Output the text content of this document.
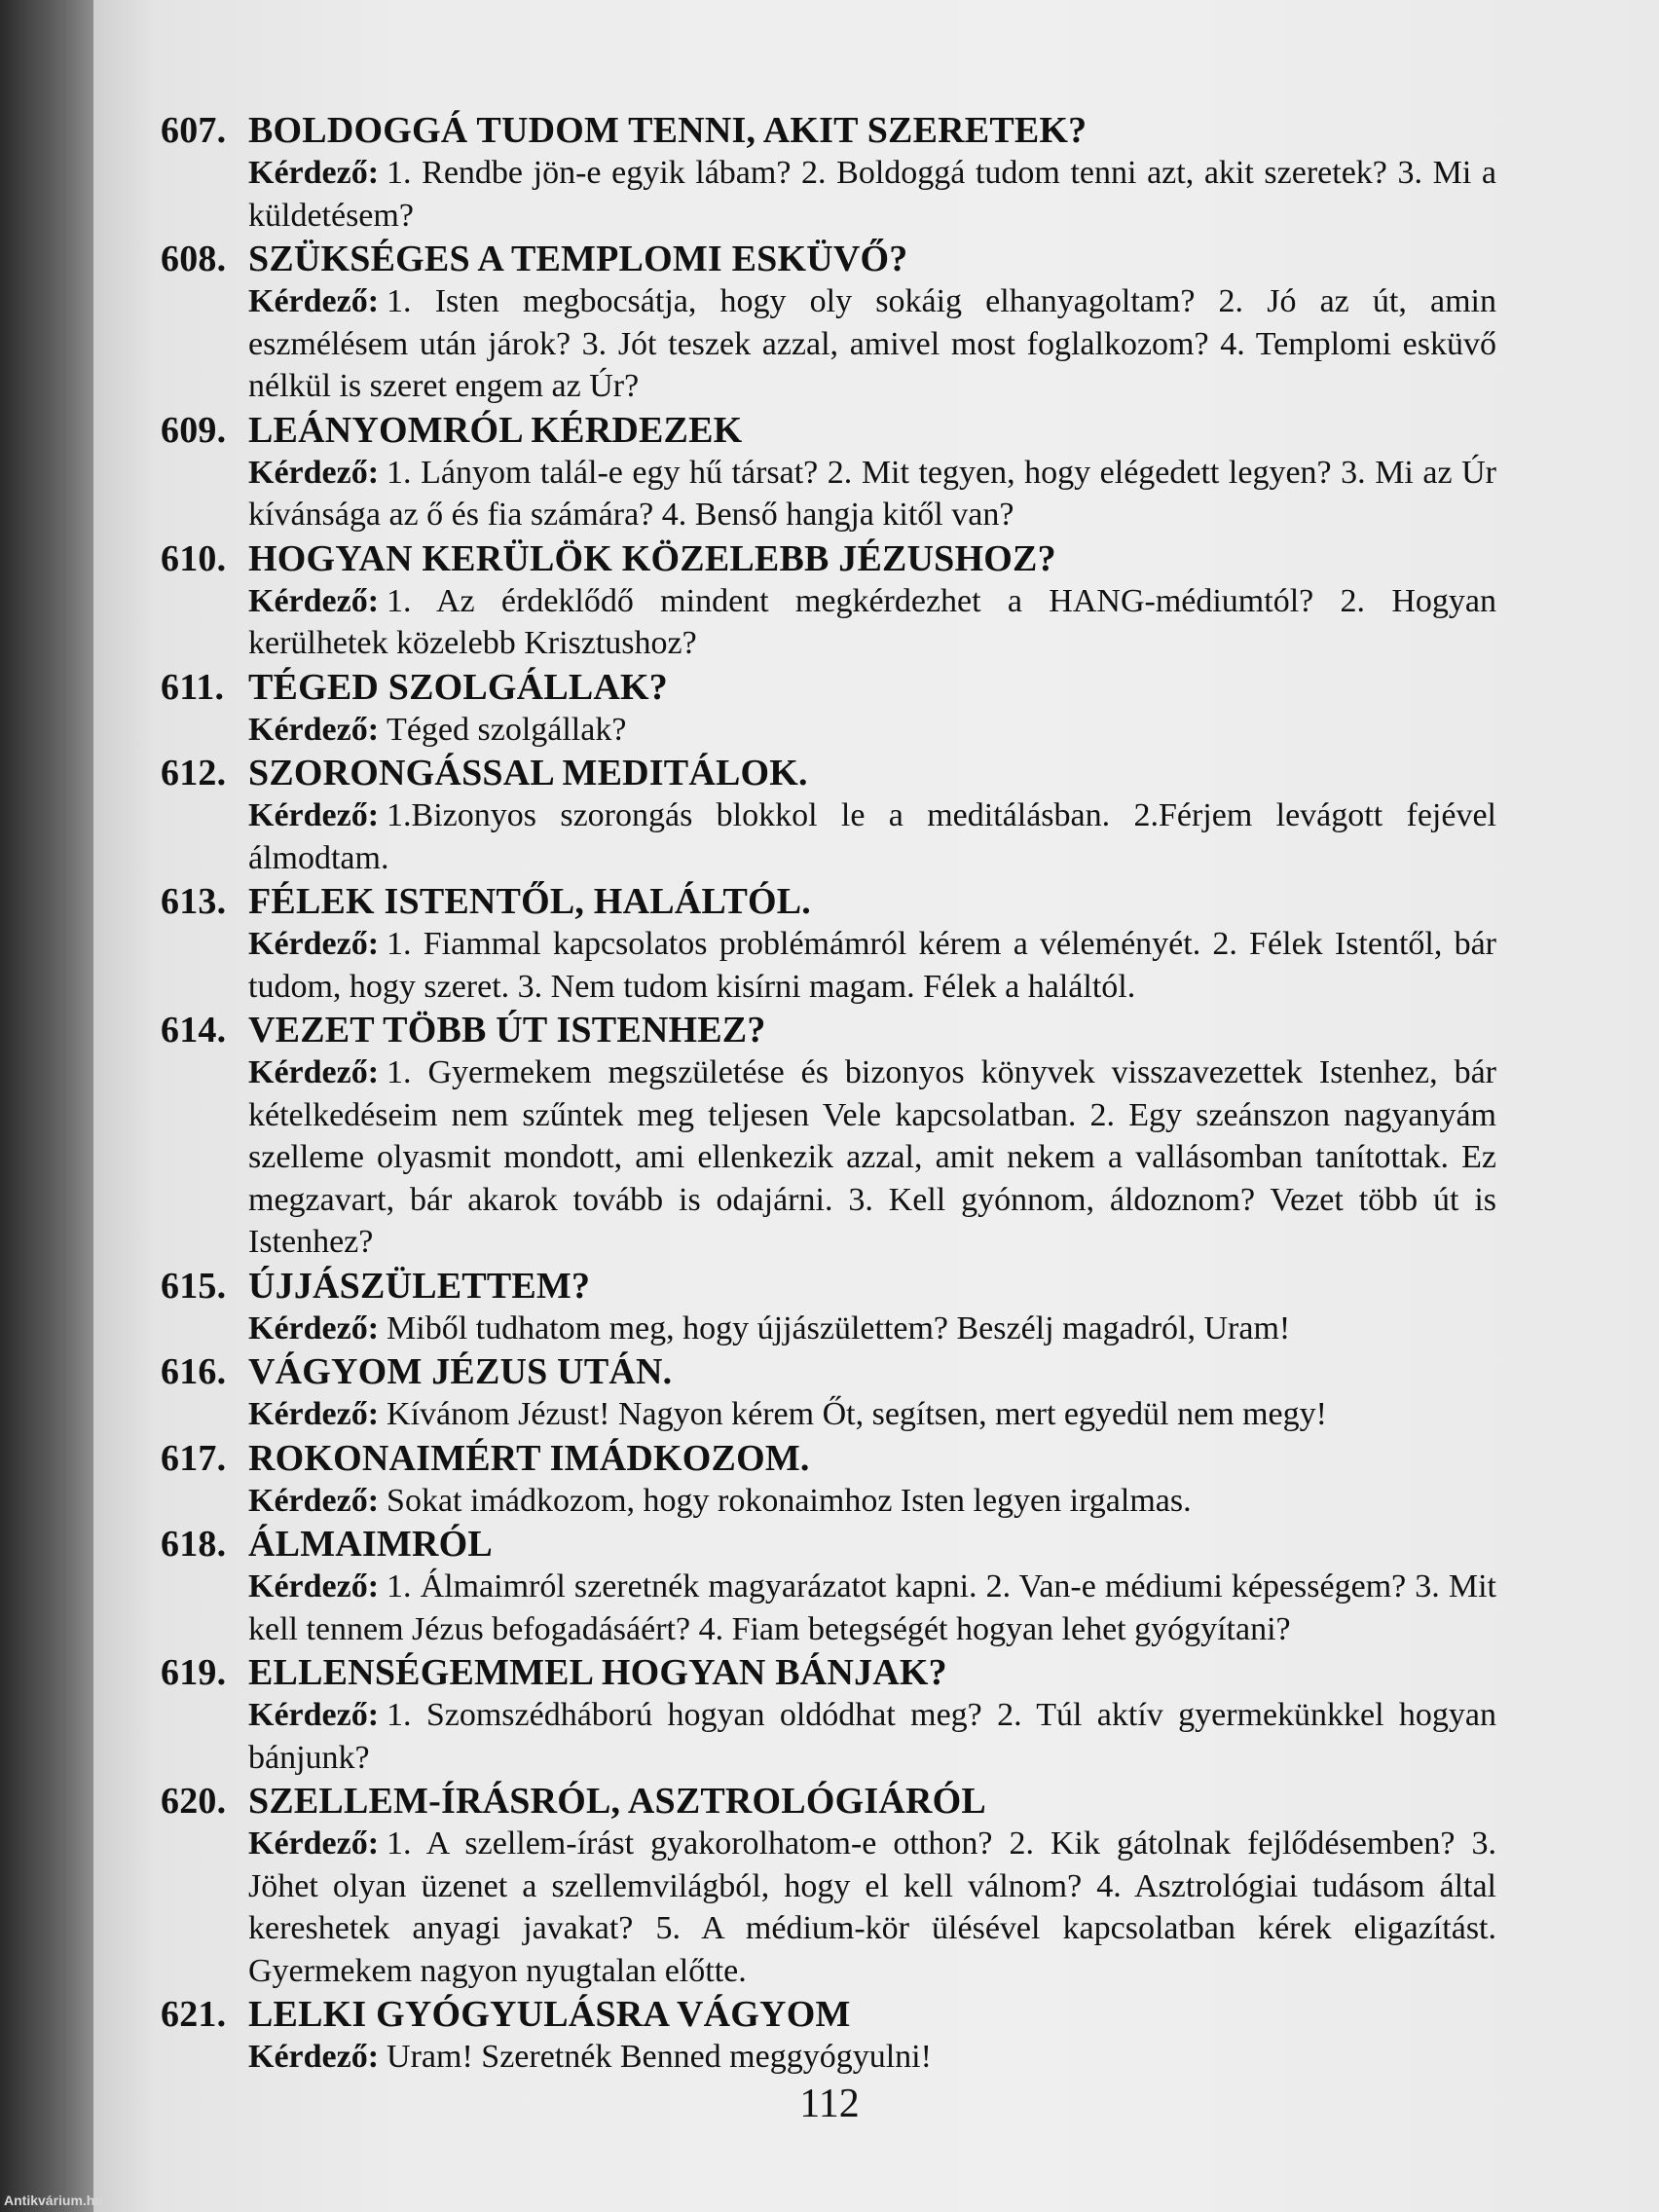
607. BOLDOGGÁ TUDOM TENNI, AKIT SZERETEK?
Kérdező: 1. Rendbe jön-e egyik lábam? 2. Boldoggá tudom tenni azt, akit szeretek? 3. Mi a küldetésem?
608. SZÜKSÉGES A TEMPLOMI ESKÜVŐ?
Kérdező: 1. Isten megbocsátja, hogy oly sokáig elhanyagoltam? 2. Jó az út, amin eszmélésem után járok? 3. Jót teszek azzal, amivel most foglalkozom? 4. Templomi esküvő nélkül is szeret engem az Úr?
609. LEÁNYOMRÓL KÉRDEZEK
Kérdező: 1. Lányom talál-e egy hű társat? 2. Mit tegyen, hogy elégedett legyen? 3. Mi az Úr kívánsága az ő és fia számára? 4. Benső hangja kitől van?
610. HOGYAN KERÜLÖK KÖZELEBB JÉZUSHOZ?
Kérdező: 1. Az érdeklődő mindent megkérdezhet a HANG-médiumtól? 2. Hogyan kerülhetek közelebb Krisztushoz?
611. TÉGED SZOLGÁLLAK?
Kérdező: Téged szolgállak?
612. SZORONGÁSSAL MEDITÁLOK.
Kérdező: 1.Bizonyos szorongás blokkol le a meditálásban. 2.Férjem levágott fejével álmodtam.
613. FÉLEK ISTENTŐL, HALÁLTÓL.
Kérdező: 1. Fiammal kapcsolatos problémámról kérem a véleményét. 2. Félek Istentől, bár tudom, hogy szeret. 3. Nem tudom kisírni magam. Félek a haláltól.
614. VEZET TÖBB ÚT ISTENHEZ?
Kérdező: 1. Gyermekem megszületése és bizonyos könyvek visszavezettek Istenhez, bár kételkedéseim nem szűntek meg teljesen Vele kapcsolatban. 2. Egy szeánszon nagyanyám szelleme olyasmit mondott, ami ellenkezik azzal, amit nekem a vallásomban tanítottak. Ez megzavart, bár akarok tovább is odajárni. 3. Kell gyónnom, áldoznom? Vezet több út is Istenhez?
615. ÚJJÁSZÜLETTEM?
Kérdező: Miből tudhatom meg, hogy újjászülettem? Beszélj magadról, Uram!
616. VÁGYOM JÉZUS UTÁN.
Kérdező: Kívánom Jézust! Nagyon kérem Őt, segítsen, mert egyedül nem megy!
617. ROKONAIMÉRT IMÁDKOZOM.
Kérdező: Sokat imádkozom, hogy rokonaimhoz Isten legyen irgalmas.
618. ÁLMAIMRÓL
Kérdező: 1. Álmaimról szeretnék magyarázatot kapni. 2. Van-e médiumi képességem? 3. Mit kell tennem Jézus befogadásáért? 4. Fiam betegségét hogyan lehet gyógyítani?
619. ELLENSÉGEMMEL HOGYAN BÁNJAK?
Kérdező: 1. Szomszédháború hogyan oldódhat meg? 2. Túl aktív gyermekünkkel hogyan bánjunk?
620. SZELLEM-ÍRÁSRÓL, ASZTROLÓGIÁRÓL
Kérdező: 1. A szellem-írást gyakorolhatom-e otthon? 2. Kik gátolnak fejlődésemben? 3. Jöhet olyan üzenet a szellemvilágból, hogy el kell válnom? 4. Asztrológiai tudásom által kereshetek anyagi javakat? 5. A médium-kör ülésével kapcsolatban kérek eligazítást. Gyermekem nagyon nyugtalan előtte.
621. LELKI GYÓGYULÁSRA VÁGYOM
Kérdező: Uram! Szeretnék Benned meggyógyulni!
112
Antikvárium.hu
